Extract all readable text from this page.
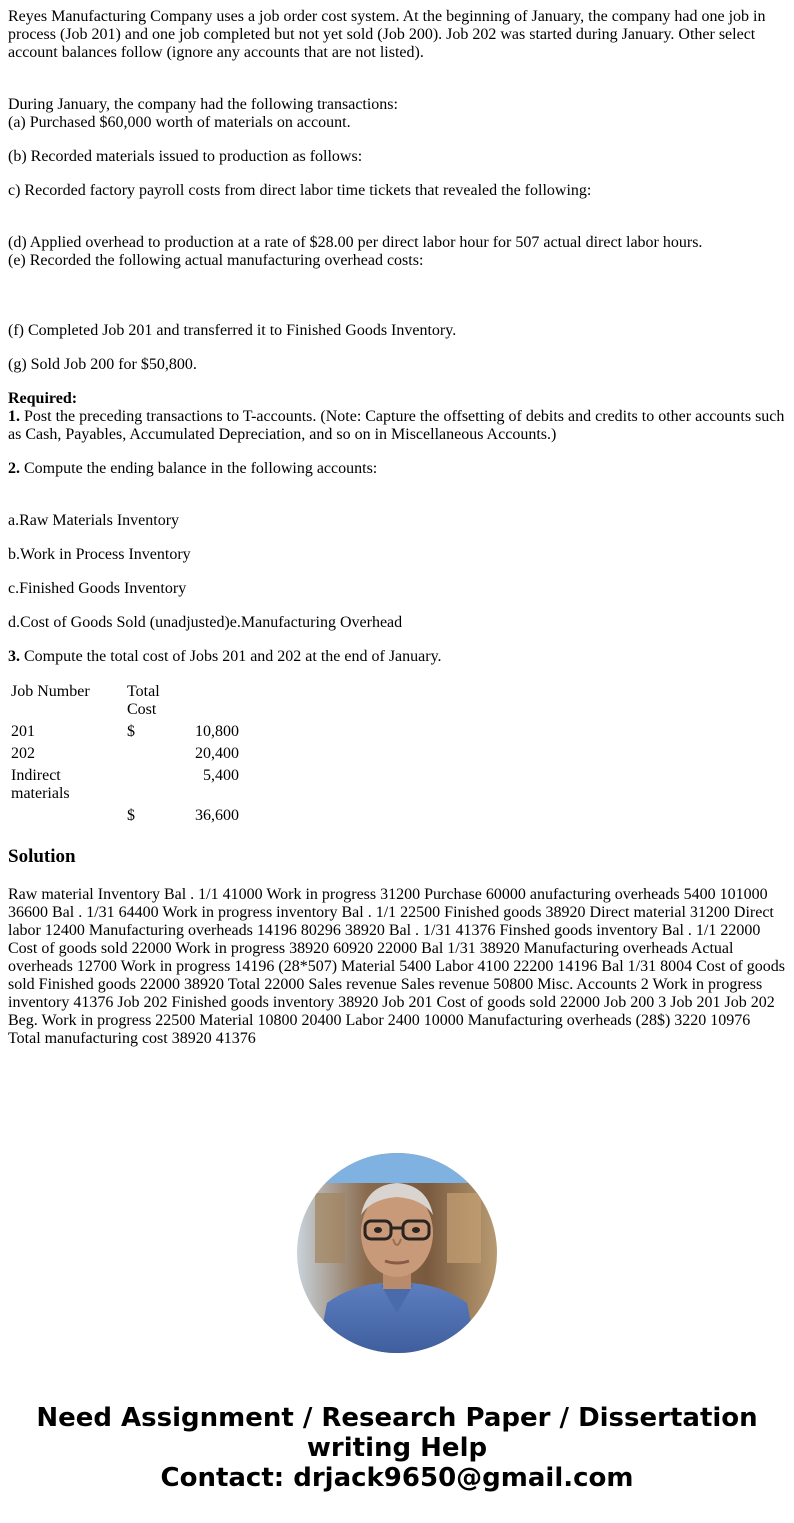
Reyes Manufacturing Company uses a job order cost system. At the beginning of January, the company had one job in process (Job 201) and one job completed but not yet sold (Job 200). Job 202 was started during January. Other select account balances follow (ignore any accounts that are not listed).

During January, the company had the following transactions:

(a) Purchased $60,000 worth of materials on account.

(b) Recorded materials issued to production as follows:

c) Recorded factory payroll costs from direct labor time tickets that revealed the following:

(d) Applied overhead to production at a rate of $28.00 per direct labor hour for 507 actual direct labor hours.

(e) Recorded the following actual manufacturing overhead costs:

(f) Completed Job 201 and transferred it to Finished Goods Inventory.

(g) Sold Job 200 for $50,800.

Required:

1. Post the preceding transactions to T-accounts. (Note: Capture the offsetting of debits and credits to other accounts such as Cash, Payables, Accumulated Depreciation, and so on in Miscellaneous Accounts.)

2. Compute the ending balance in the following accounts:

a.Raw Materials Inventory

b.Work in Process Inventory

c.Finished Goods Inventory

d.Cost of Goods Sold (unadjusted)e.Manufacturing Overhead

3. Compute the total cost of Jobs 201 and 202 at the end of January.

Job Number	Total Cost	
201	$	10,800
202		20,400
Indirect materials		5,400
	$	36,600
Solution

Raw material Inventory Bal . 1/1 41000 Work in progress 31200 Purchase 60000 anufacturing overheads 5400 101000 36600 Bal . 1/31 64400 Work in progress inventory Bal . 1/1 22500 Finished goods 38920 Direct material 31200 Direct labor 12400 Manufacturing overheads 14196 80296 38920 Bal . 1/31 41376 Finshed goods inventory Bal . 1/1 22000 Cost of goods sold 22000 Work in progress 38920 60920 22000 Bal 1/31 38920 Manufacturing overheads Actual overheads 12700 Work in progress 14196 (28*507) Material 5400 Labor 4100 22200 14196 Bal 1/31 8004 Cost of goods sold Finished goods 22000 38920 Total 22000 Sales revenue Sales revenue 50800 Misc. Accounts 2 Work in progress inventory 41376 Job 202 Finished goods inventory 38920 Job 201 Cost of goods sold 22000 Job 200 3 Job 201 Job 202 Beg. Work in progress 22500 Material 10800 20400 Labor 2400 10000 Manufacturing overheads (28$) 3220 10976 Total manufacturing cost 38920 41376

Need Assignment / Research Paper / Dissertation
writing Help
Contact: drjack9650@gmail.com
